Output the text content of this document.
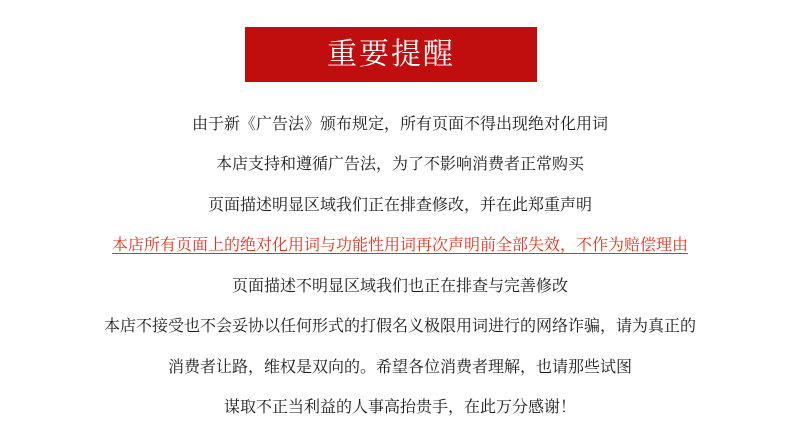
重要提醒
由于新《广告法》颁布规定，所有页面不得出现绝对化用词
本店支持和遵循广告法，为了不影响消费者正常购买
页面描述明显区域我们正在排查修改，并在此郑重声明
本店所有页面上的绝对化用词与功能性用词再次声明前全部失效，不作为赔偿理由
页面描述不明显区域我们也正在排查与完善修改
本店不接受也不会妥协以任何形式的打假名义极限用词进行的网络诈骗，请为真正的
消费者让路，维权是双向的。希望各位消费者理解，也请那些试图
谋取不正当利益的人事高抬贵手，在此万分感谢！
